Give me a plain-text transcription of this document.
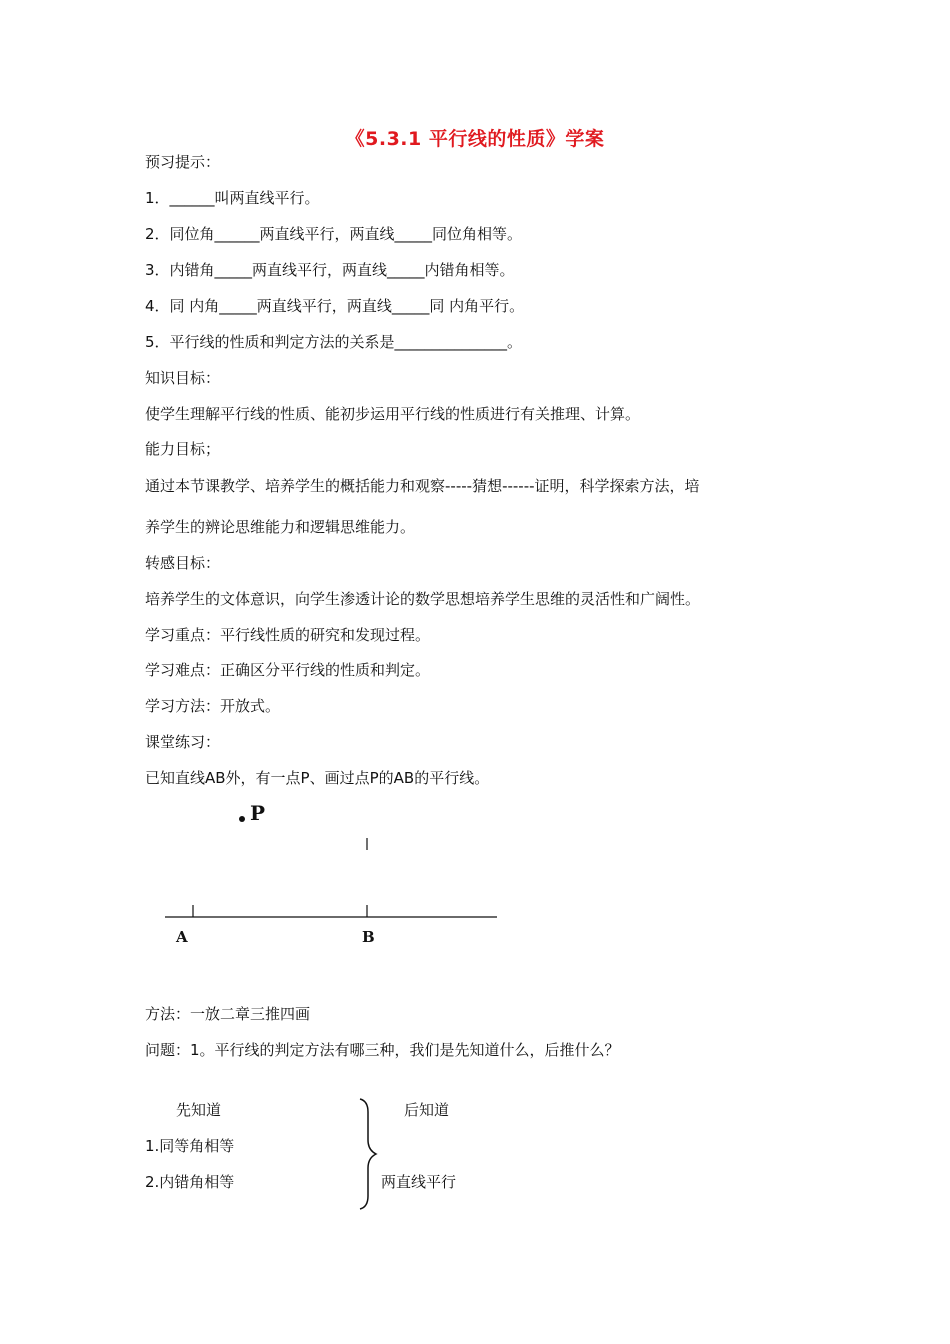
《5.3.1 平行线的性质》学案
预习提示：
1．______叫两直线平行。
2．同位角______两直线平行，两直线_____同位角相等。
3．内错角_____两直线平行，两直线_____内错角相等。
4．同 内角_____两直线平行，两直线_____同 内角平行。
5．平行线的性质和判定方法的关系是_______________。
知识目标：
使学生理解平行线的性质、能初步运用平行线的性质进行有关推理、计算。
能力目标；
通过本节课教学、培养学生的概括能力和观察-----猜想------证明，科学探索方法，培
养学生的辨论思维能力和逻辑思维能力。
转感目标：
培养学生的文体意识，向学生渗透计论的数学思想培养学生思维的灵活性和广阔性。
学习重点：平行线性质的研究和发现过程。
学习难点：正确区分平行线的性质和判定。
学习方法：开放式。
课堂练习：
已知直线AB外，有一点P、画过点P的AB的平行线。
P
A	B
方法：一放二章三推四画
问题：1。平行线的判定方法有哪三种，我们是先知道什么，后推什么？
先知道	后知道
1.同等角相等
2.内错角相等	两直线平行
